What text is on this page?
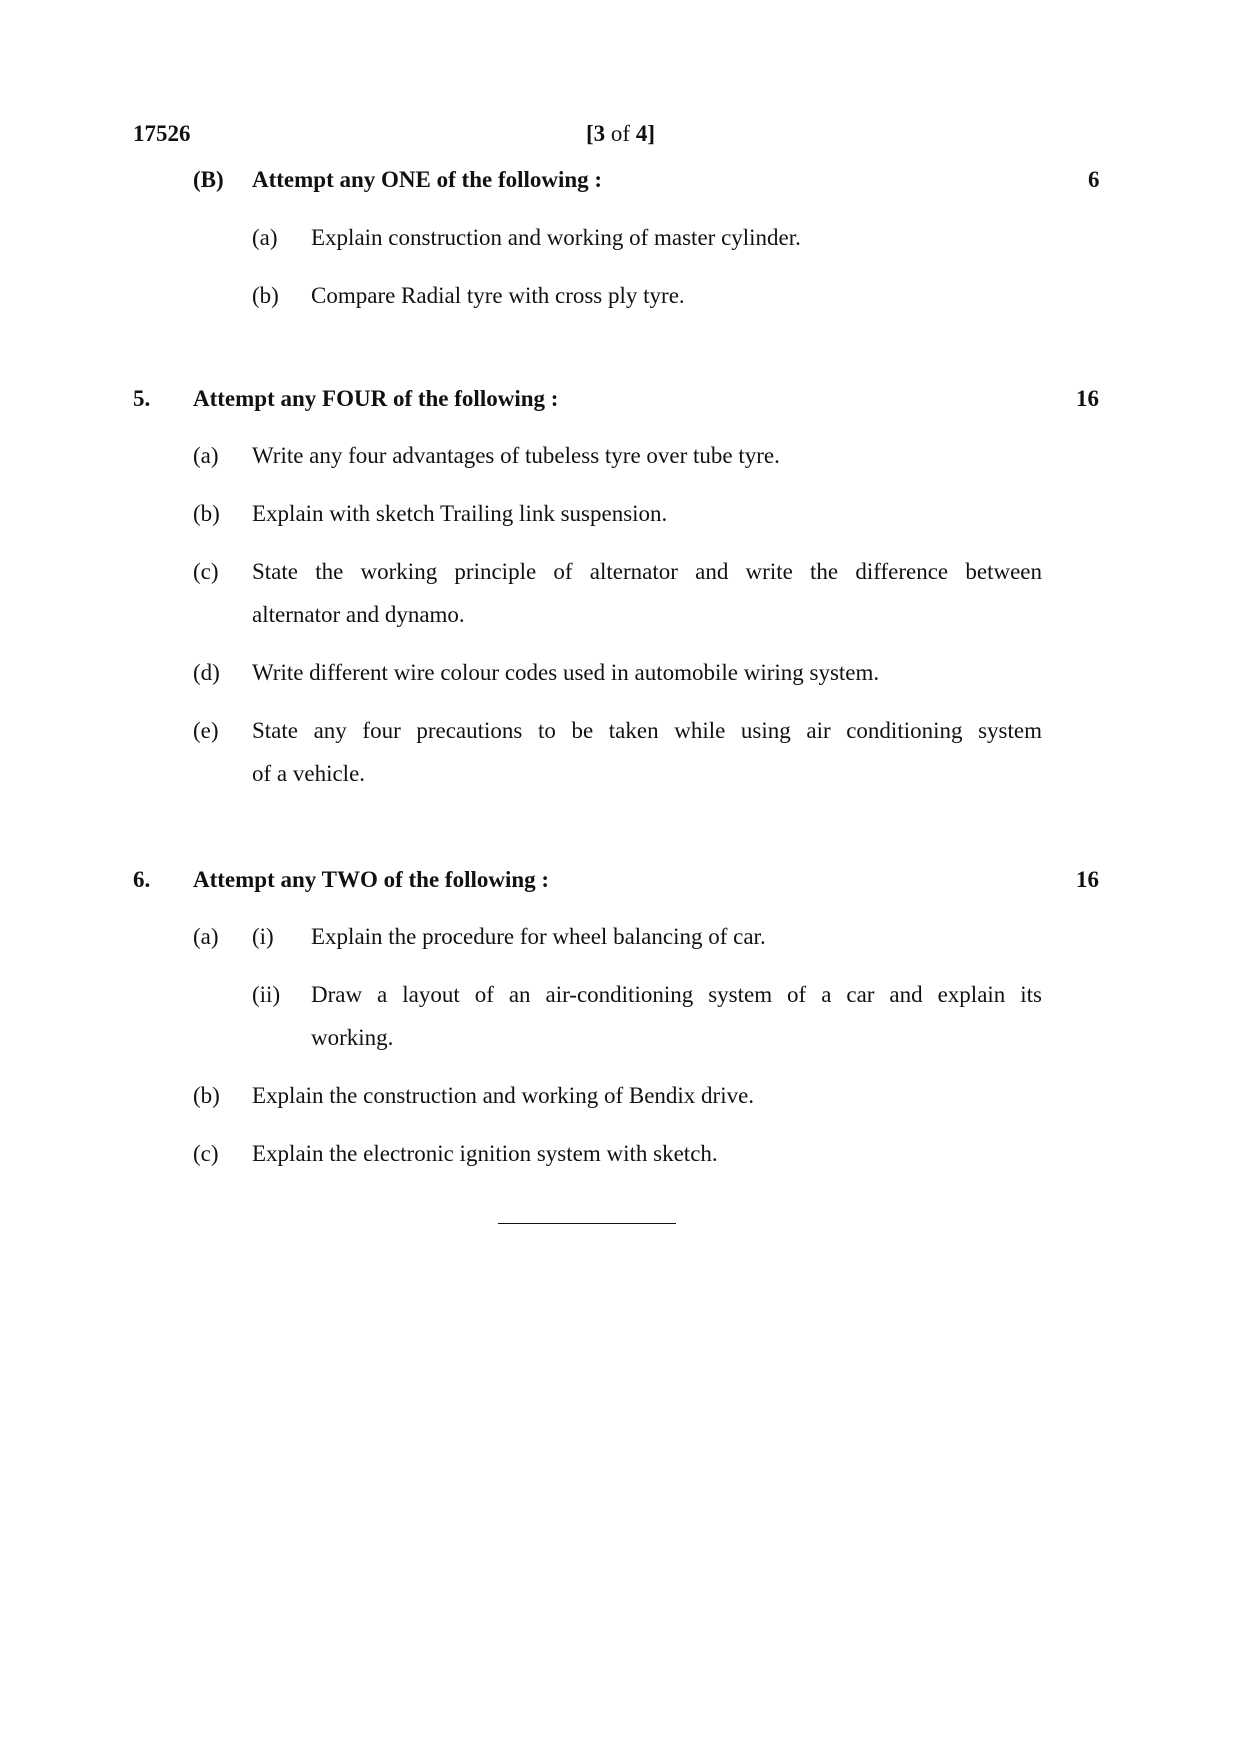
17526	[3 of 4]
(B) Attempt any ONE of the following :	6
(a) Explain construction and working of master cylinder.
(b) Compare Radial tyre with cross ply tyre.
5. Attempt any FOUR of the following :	16
(a) Write any four advantages of tubeless tyre over tube tyre.
(b) Explain with sketch Trailing link suspension.
(c) State the working principle of alternator and write the difference between
alternator and dynamo.
(d) Write different wire colour codes used in automobile wiring system.
(e) State any four precautions to be taken while using air conditioning system
of a vehicle.
6. Attempt any TWO of the following :	16
(a) (i) Explain the procedure for wheel balancing of car.
(ii) Draw a layout of an air-conditioning system of a car and explain its
working.
(b) Explain the construction and working of Bendix drive.
(c) Explain the electronic ignition system with sketch.
